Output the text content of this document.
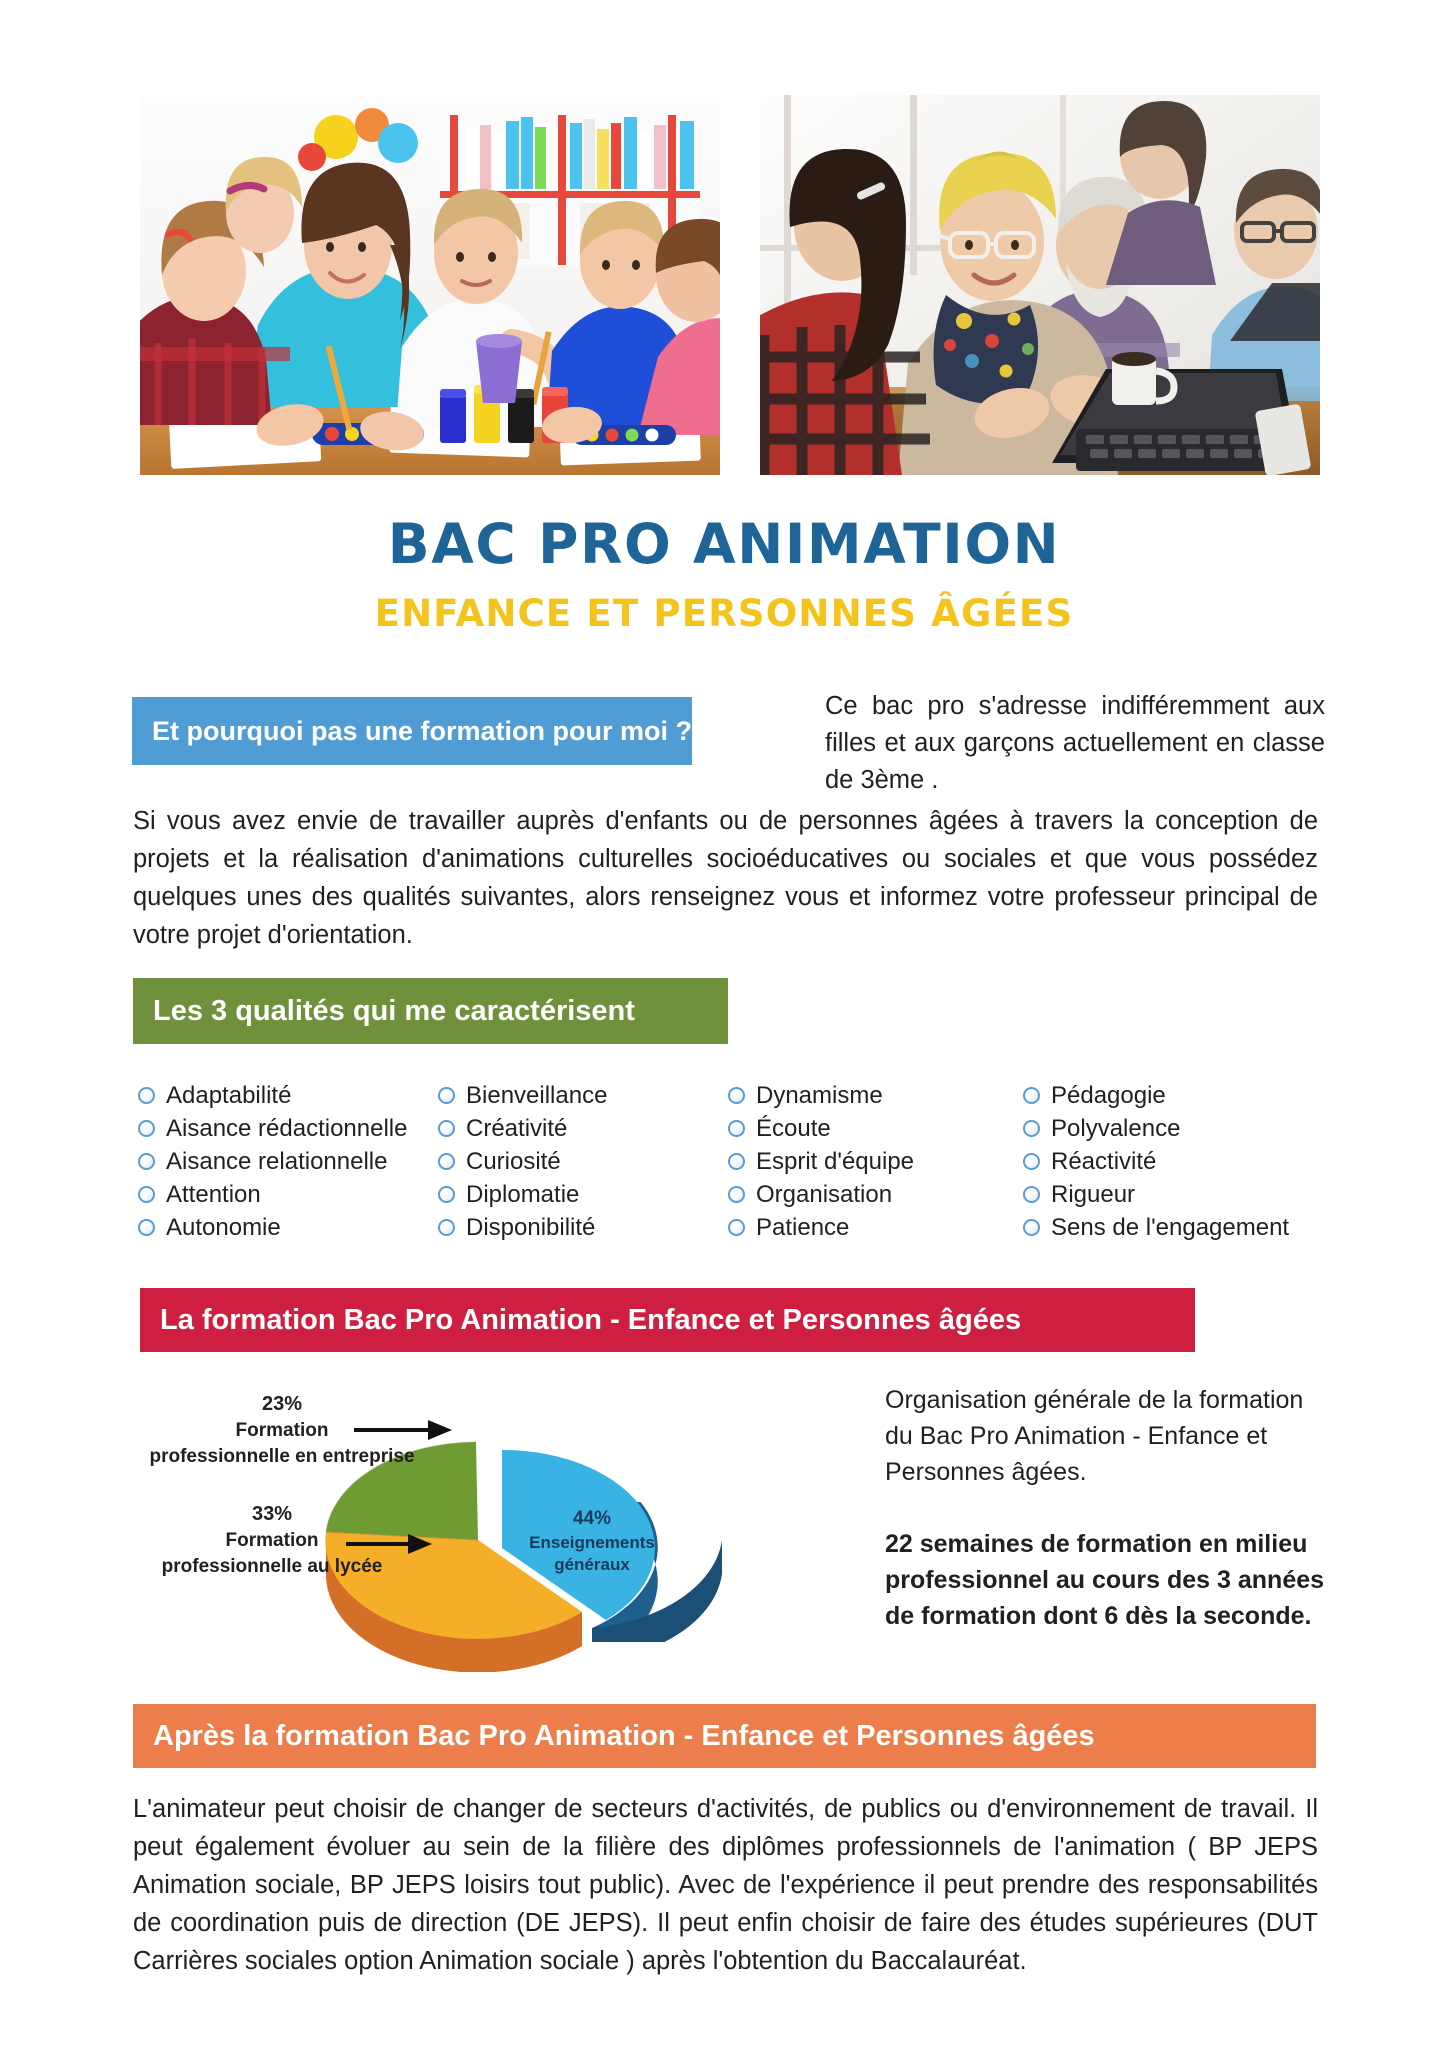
BAC PRO ANIMATION
ENFANCE ET PERSONNES ÂGÉES
Et pourquoi pas une formation pour moi ?
Ce bac pro s'adresse indifféremment aux filles et aux garçons actuellement en classe de 3ème .

Si vous avez envie de travailler auprès d'enfants ou de personnes âgées à travers la conception de projets et la réalisation d'animations culturelles socioéducatives ou sociales et que vous possédez quelques unes des qualités suivantes, alors renseignez vous et informez votre professeur principal de votre projet d'orientation.

Les 3 qualités qui me caractérisent
Adaptabilité
Aisance rédactionnelle
Aisance relationnelle
Attention
Autonomie
Bienveillance
Créativité
Curiosité
Diplomatie
Disponibilité
Dynamisme
Écoute
Esprit d'équipe
Organisation
Patience
Pédagogie
Polyvalence
Réactivité
Rigueur
Sens de l'engagement
La formation Bac Pro Animation - Enfance et Personnes âgées
44%
Enseignements
généraux
23%
Formation
professionnelle en entreprise
33%
Formation
professionnelle au lycée

Organisation générale de la formation du Bac Pro Animation - Enfance et Personnes âgées.

22 semaines de formation en milieu professionnel au cours des 3 années de formation dont 6 dès la seconde.

Après la formation Bac Pro Animation - Enfance et Personnes âgées

L'animateur peut choisir de changer de secteurs d'activités, de publics ou d'environnement de travail. Il peut également évoluer au sein de la filière des diplômes professionnels de l'animation ( BP JEPS Animation sociale, BP JEPS loisirs tout public). Avec de l'expérience il peut prendre des responsabilités de coordination puis de direction (DE JEPS). Il peut enfin choisir de faire des études supérieures (DUT Carrières sociales option Animation sociale ) après l'obtention du Baccalauréat.
